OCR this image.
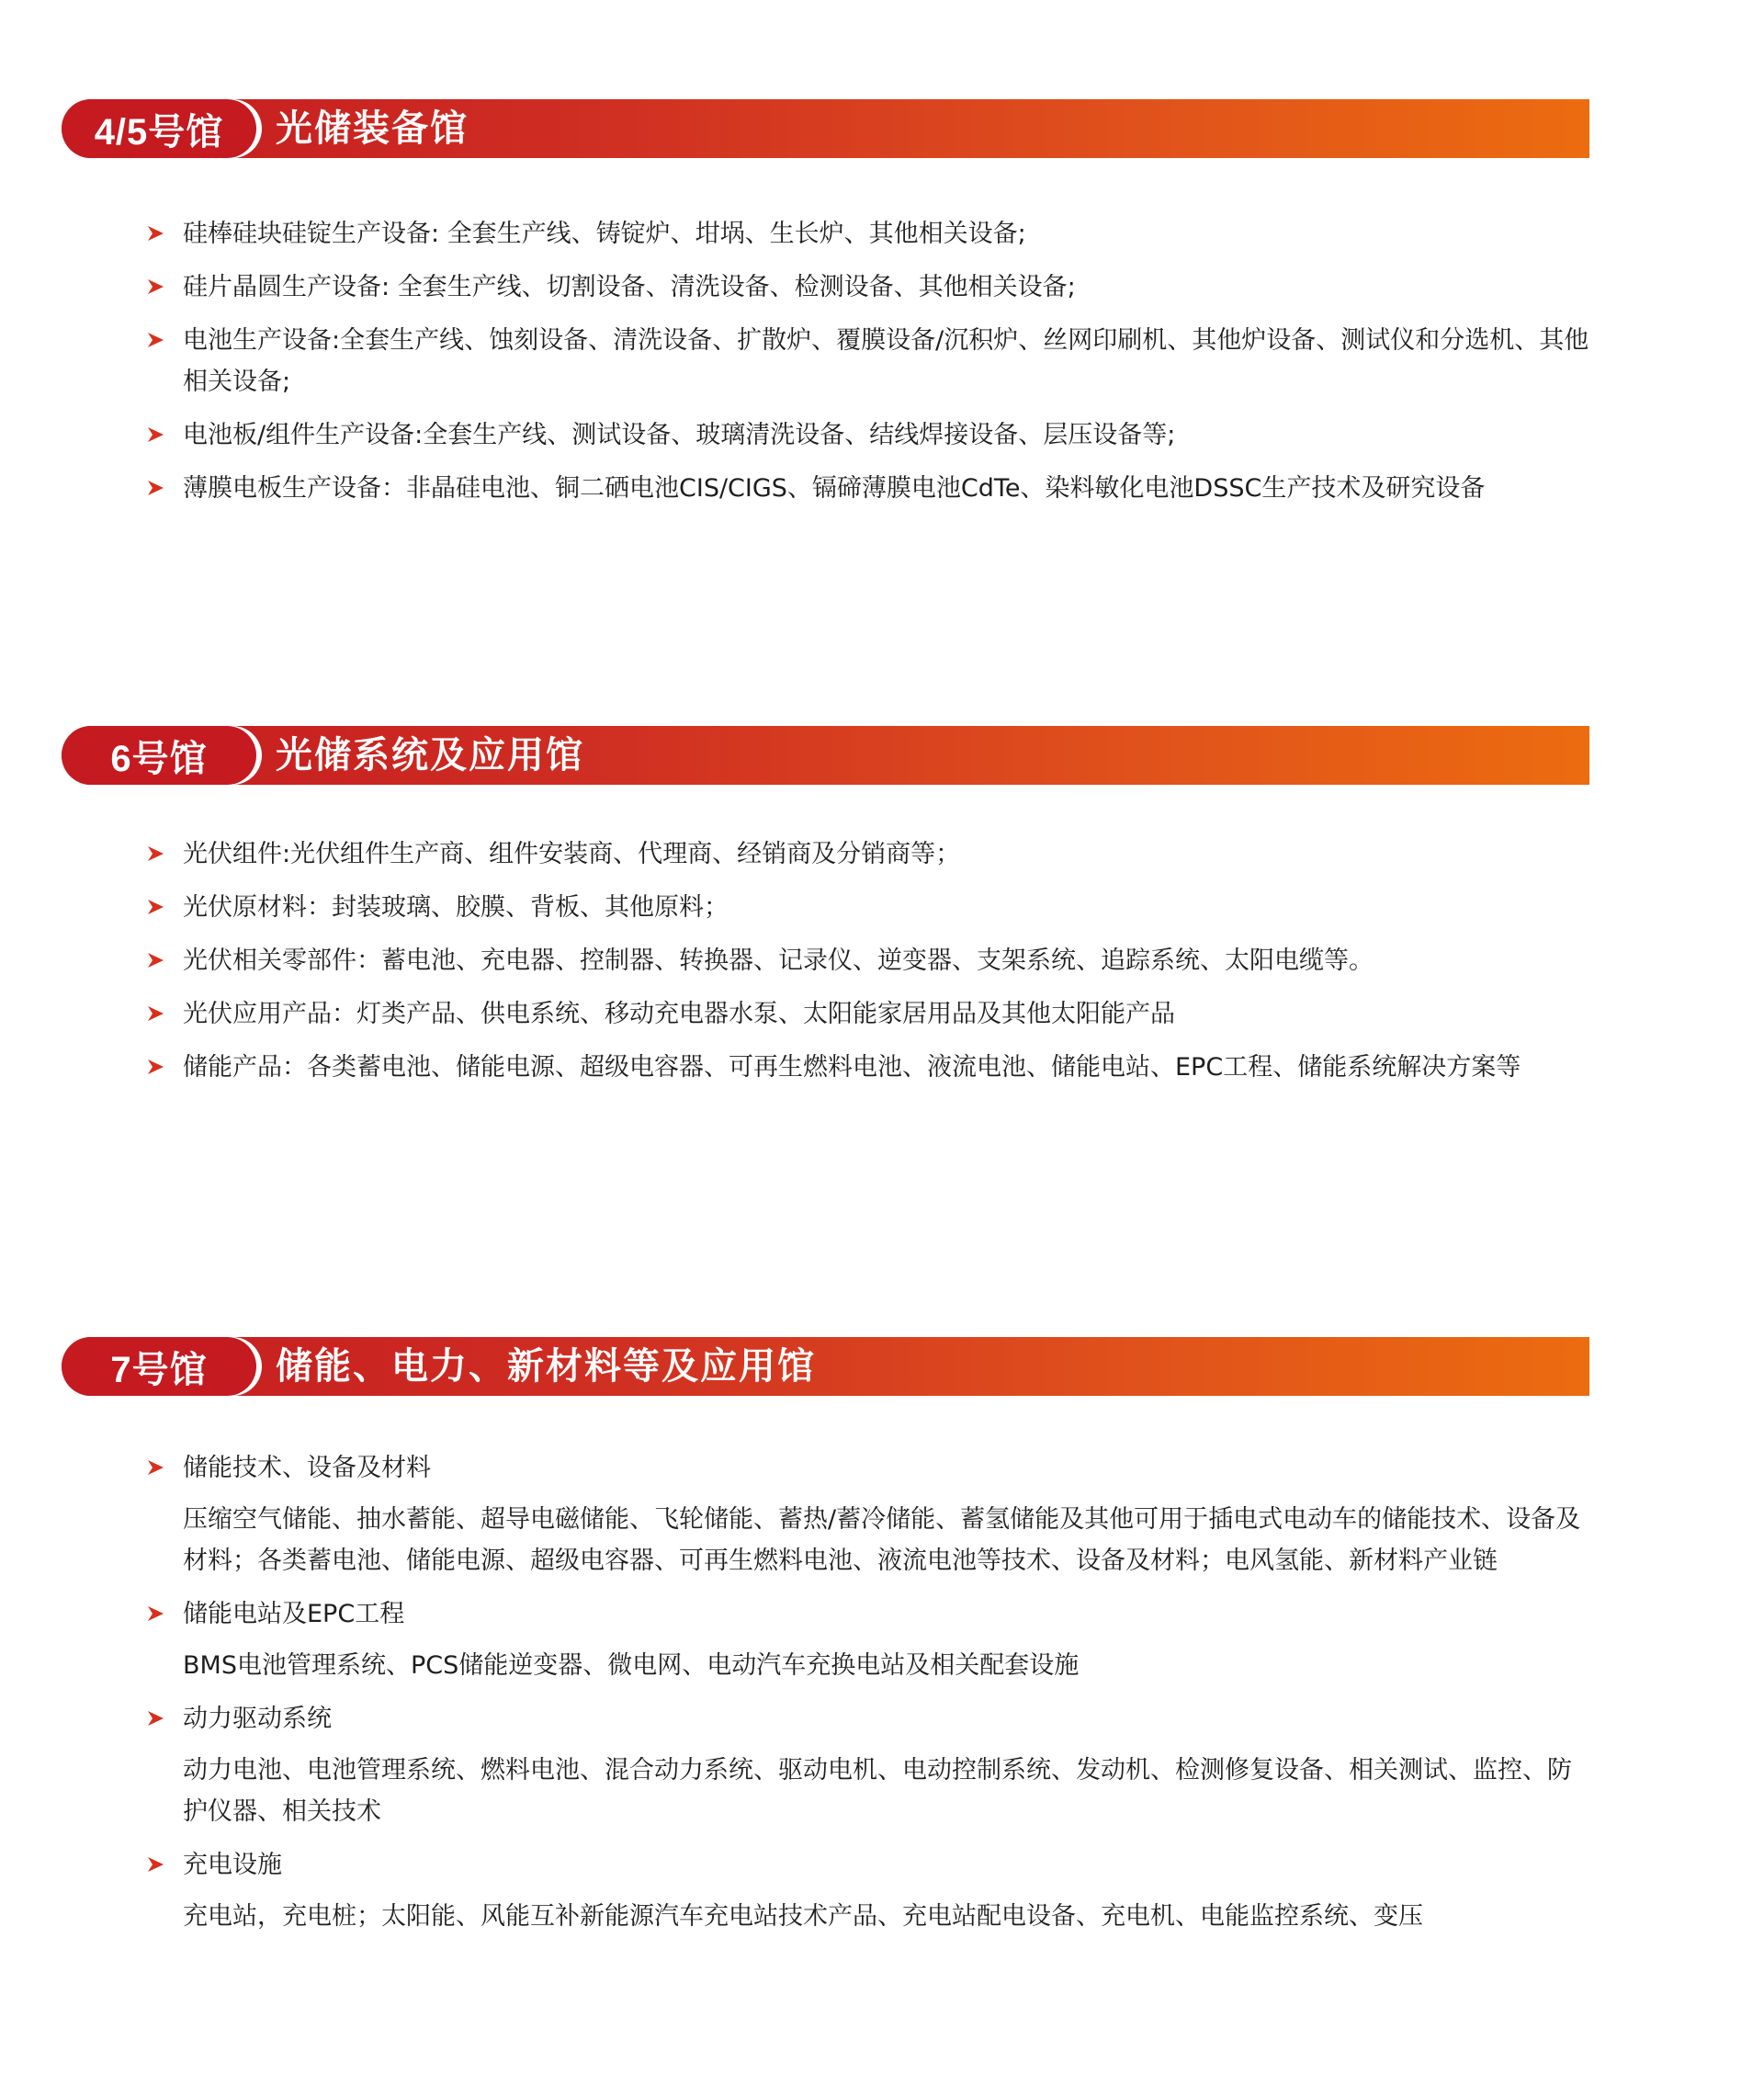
4/5号馆	光储装备馆
硅棒硅块硅锭生产设备: 全套生产线、铸锭炉、坩埚、生长炉、其他相关设备;
硅片晶圆生产设备: 全套生产线、切割设备、清洗设备、检测设备、其他相关设备;
电池生产设备:全套生产线、蚀刻设备、清洗设备、扩散炉、覆膜设备/沉积炉、丝网印刷机、其他炉设备、测试仪和分选机、其他相关设备;
电池板/组件生产设备:全套生产线、测试设备、玻璃清洗设备、结线焊接设备、层压设备等;
薄膜电板生产设备：非晶硅电池、铜二硒电池CIS/CIGS、镉碲薄膜电池CdTe、染料敏化电池DSSC生产技术及研究设备
6号馆	光储系统及应用馆
光伏组件:光伏组件生产商、组件安装商、代理商、经销商及分销商等；
光伏原材料：封装玻璃、胶膜、背板、其他原料；
光伏相关零部件：蓄电池、充电器、控制器、转换器、记录仪、逆变器、支架系统、追踪系统、太阳电缆等。
光伏应用产品：灯类产品、供电系统、移动充电器水泵、太阳能家居用品及其他太阳能产品
储能产品：各类蓄电池、储能电源、超级电容器、可再生燃料电池、液流电池、储能电站、EPC工程、储能系统解决方案等
7号馆	储能、电力、新材料等及应用馆
储能技术、设备及材料
压缩空气储能、抽水蓄能、超导电磁储能、飞轮储能、蓄热/蓄冷储能、蓄氢储能及其他可用于插电式电动车的储能技术、设备及材料；各类蓄电池、储能电源、超级电容器、可再生燃料电池、液流电池等技术、设备及材料；电风氢能、新材料产业链
储能电站及EPC工程
BMS电池管理系统、PCS储能逆变器、微电网、电动汽车充换电站及相关配套设施
动力驱动系统
动力电池、电池管理系统、燃料电池、混合动力系统、驱动电机、电动控制系统、发动机、检测修复设备、相关测试、监控、防护仪器、相关技术
充电设施
充电站，充电桩；太阳能、风能互补新能源汽车充电站技术产品、充电站配电设备、充电机、电能监控系统、变压
